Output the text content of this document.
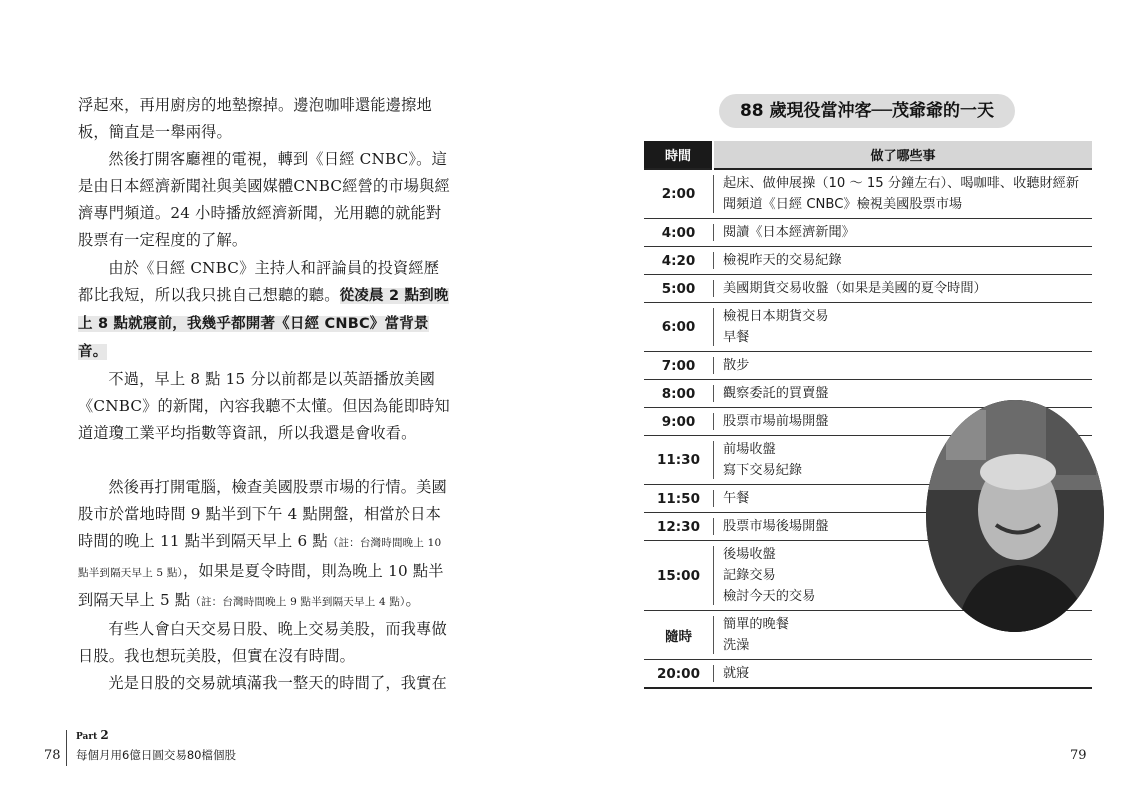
浮起來，再用廚房的地墊擦掉。邊泡咖啡還能邊擦地板，簡直是一舉兩得。

然後打開客廳裡的電視，轉到《日經 CNBC》。這是由日本經濟新聞社與美國媒體CNBC經營的市場與經濟專門頻道。24 小時播放經濟新聞，光用聽的就能對股票有一定程度的了解。

由於《日經 CNBC》主持人和評論員的投資經歷都比我短，所以我只挑自己想聽的聽。從凌晨 2 點到晚上 8 點就寢前，我幾乎都開著《日經 CNBC》當背景音。

不過，早上 8 點 15 分以前都是以英語播放美國《CNBC》的新聞，內容我聽不太懂。但因為能即時知道道瓊工業平均指數等資訊，所以我還是會收看。

然後再打開電腦，檢查美國股票市場的行情。美國股市於當地時間 9 點半到下午 4 點開盤，相當於日本時間的晚上 11 點半到隔天早上 6 點（註：台灣時間晚上 10 點半到隔天早上 5 點），如果是夏令時間，則為晚上 10 點半到隔天早上 5 點（註：台灣時間晚上 9 點半到隔天早上 4 點）。

有些人會白天交易日股、晚上交易美股，而我專做日股。我也想玩美股，但實在沒有時間。

光是日股的交易就填滿我一整天的時間了，我實在

78
Part 2
每個月用6億日圓交易80檔個股
88 歲現役當沖客──茂爺爺的一天
時間	做了哪些事
2:00	起床、做伸展操（10 ～ 15 分鐘左右）、喝咖啡、收聽財經新
聞頻道《日經 CNBC》檢視美國股票市場

4:00	閱讀《日本經濟新聞》

4:20	檢視昨天的交易紀錄

5:00	美國期貨交易收盤（如果是美國的夏令時間）

6:00	檢視日本期貨交易
早餐

7:00	散步

8:00	觀察委託的買賣盤

9:00	股票市場前場開盤

11:30	前場收盤
寫下交易紀錄

11:50	午餐

12:30	股票市場後場開盤

15:00	後場收盤
記錄交易
檢討今天的交易

隨時	簡單的晚餐
洗澡

20:00	就寢
79
